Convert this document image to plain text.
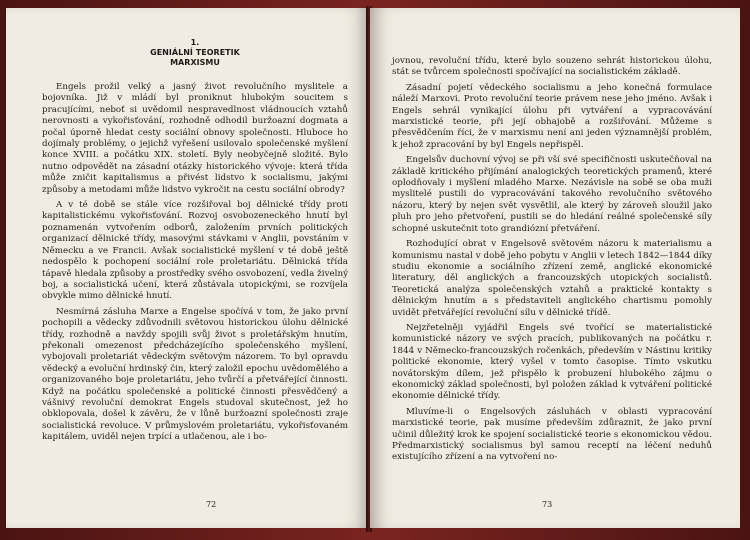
1.
GENIÁLNÍ TEORETIK
MARXISMU

Engels prožil velký a jasný život revolučního myslitele a bojovníka. Již v mládí byl proniknut hlubokým soucitem s pracujícími, neboť si uvědomil nespravedlnost vládnoucích vztahů nerovnosti a vykořisťování, rozhodně odhodil buržoazní dogmata a počal úporně hledat cesty sociální obnovy společnosti. Hluboce ho dojímaly problémy, o jejichž vyřešení usilovalo společenské myšlení konce XVIII. a počátku XIX. století. Byly neobyčejně složité. Bylo nutno odpovědět na zásadní otázky historického vývoje: která třída může zničit kapitalismus a přivést lidstvo k socialismu, jakými způsoby a metodami může lidstvo vykročit na cestu sociální obrody?

A v té době se stále více rozšiřoval boj dělnické třídy proti kapitalistickému vykořisťování. Rozvoj osvobozeneckého hnutí byl poznamenán vytvořením odborů, založením prvních politických organizací dělnické třídy, masovými stávkami v Anglii, povstáním v Německu a ve Francii. Avšak socialistické myšlení v té době ještě nedospělo k pochopení sociální role proletariátu. Dělnická třída tápavě hledala způsoby a prostředky svého osvobození, vedla živelný boj, a socialistická učení, která zůstávala utopickými, se rozvíjela obvykle mimo dělnické hnutí.

Nesmírná zásluha Marxe a Engelse spočívá v tom, že jako první pochopili a vědecky zdůvodnili světovou historickou úlohu dělnické třídy, rozhodně a navždy spojili svůj život s proletářským hnutím, překonali omezenost předcházejícího společenského myšlení, vybojovali proletariát vědeckým světovým názorem. To byl opravdu vědecký a evoluční hrdinský čin, který založil epochu uvědomělého a organizovaného boje proletariátu, jeho tvůrčí a přetvářející činnosti. Když na počátku společenské a politické činnosti přesvědčený a vášnivý revoluční demokrat Engels studoval skutečnost, jež ho obklopovala, došel k závěru, že v lůně buržoazní společnosti zraje socialistická revoluce. V průmyslovém proletariátu, vykořisťovaném kapitálem, uviděl nejen trpící a utlačenou, ale i bo-

72

jovnou, revoluční třídu, které bylo souzeno sehrát historickou úlohu, stát se tvůrcem společnosti spočívající na socialistickém základě.

Zásadní pojetí vědeckého socialismu a jeho konečná formulace náleží Marxovi. Proto revoluční teorie právem nese jeho jméno. Avšak i Engels sehrál vynikající úlohu při vytváření a vypracovávání marxistické teorie, při její obhajobě a rozšiřování. Můžeme s přesvědčením říci, že v marxismu není ani jeden významnější problém, k jehož zpracování by byl Engels nepřispěl.

Engelsův duchovní vývoj se při vší své specifičnosti uskutečňoval na základě kritického přijímání analogických teoretických pramenů, které oplodňovaly i myšlení mladého Marxe. Nezávisle na sobě se oba muži myslitelé pustili do vypracovávání takového revolučního světového názoru, který by nejen svět vysvětlil, ale který by zároveň sloužil jako pluh pro jeho přetvoření, pustili se do hledání reálné společenské síly schopné uskutečnit toto grandiózní přetváření.

Rozhodující obrat v Engelsově světovém názoru k materialismu a komunismu nastal v době jeho pobytu v Anglii v letech 1842—1844 díky studiu ekonomie a sociálního zřízení země, anglické ekonomické literatury, děl anglických a francouzských utopických socialistů. Teoretická analýza společenských vztahů a praktické kontakty s dělnickým hnutím a s představiteli anglického chartismu pomohly uvidět přetvářející revoluční sílu v dělnické třídě.

Nejzřetelněji vyjádřil Engels své tvořící se materialistické komunistické názory ve svých pracích, publikovaných na počátku r. 1844 v Německo-francouzských ročenkách, především v Nástinu kritiky politické ekonomie, který vyšel v tomto časopise. Tímto vskutku novátorským dílem, jež přispělo k probuzení hlubokého zájmu o ekonomický základ společnosti, byl položen základ k vytváření politické ekonomie dělnické třídy.

Mluvíme-li o Engelsových zásluhách v oblasti vypracování marxistické teorie, pak musíme především zdůraznit, že jako první učinil důležitý krok ke spojení socialistické teorie s ekonomickou vědou. Předmarxistický socialismus byl samou receptí na léčení neduhů existujícího zřízení a na vytvoření no-

73
